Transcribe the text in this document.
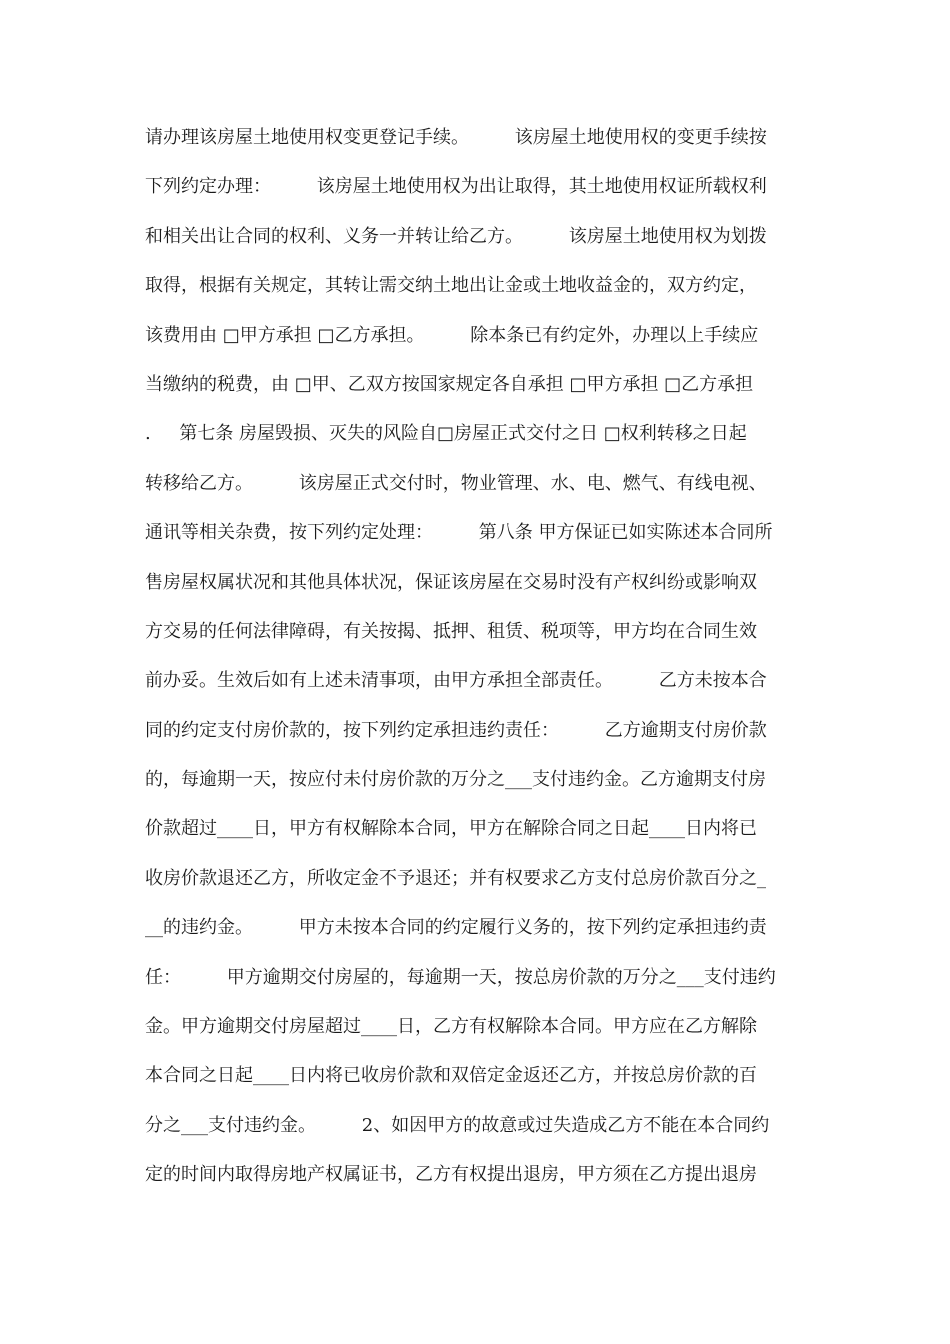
请办理该房屋土地使用权变更登记手续。        该房屋土地使用权的变更手续按
下列约定办理：        该房屋土地使用权为出让取得，其土地使用权证所载权利
和相关出让合同的权利、义务一并转让给乙方。        该房屋土地使用权为划拨
取得，根据有关规定，其转让需交纳土地出让金或土地收益金的，双方约定，
该费用由 □甲方承担 □乙方承担。        除本条已有约定外，办理以上手续应
当缴纳的税费，由 □甲、乙双方按国家规定各自承担 □甲方承担 □乙方承担
.     第七条 房屋毁损、灭失的风险自□房屋正式交付之日 □权利转移之日起
转移给乙方。        该房屋正式交付时，物业管理、水、电、燃气、有线电视、
通讯等相关杂费，按下列约定处理：        第八条 甲方保证已如实陈述本合同所
售房屋权属状况和其他具体状况，保证该房屋在交易时没有产权纠纷或影响双
方交易的任何法律障碍，有关按揭、抵押、租赁、税项等，甲方均在合同生效
前办妥。生效后如有上述未清事项，由甲方承担全部责任。        乙方未按本合
同的约定支付房价款的，按下列约定承担违约责任：        乙方逾期支付房价款
的，每逾期一天，按应付未付房价款的万分之___支付违约金。乙方逾期支付房
价款超过____日，甲方有权解除本合同，甲方在解除合同之日起____日内将已
收房价款退还乙方，所收定金不予退还；并有权要求乙方支付总房价款百分之_
__的违约金。        甲方未按本合同的约定履行义务的，按下列约定承担违约责
任：        甲方逾期交付房屋的，每逾期一天，按总房价款的万分之___支付违约
金。甲方逾期交付房屋超过____日，乙方有权解除本合同。甲方应在乙方解除
本合同之日起____日内将已收房价款和双倍定金返还乙方，并按总房价款的百
分之___支付违约金。        2、如因甲方的故意或过失造成乙方不能在本合同约
定的时间内取得房地产权属证书，乙方有权提出退房，甲方须在乙方提出退房
